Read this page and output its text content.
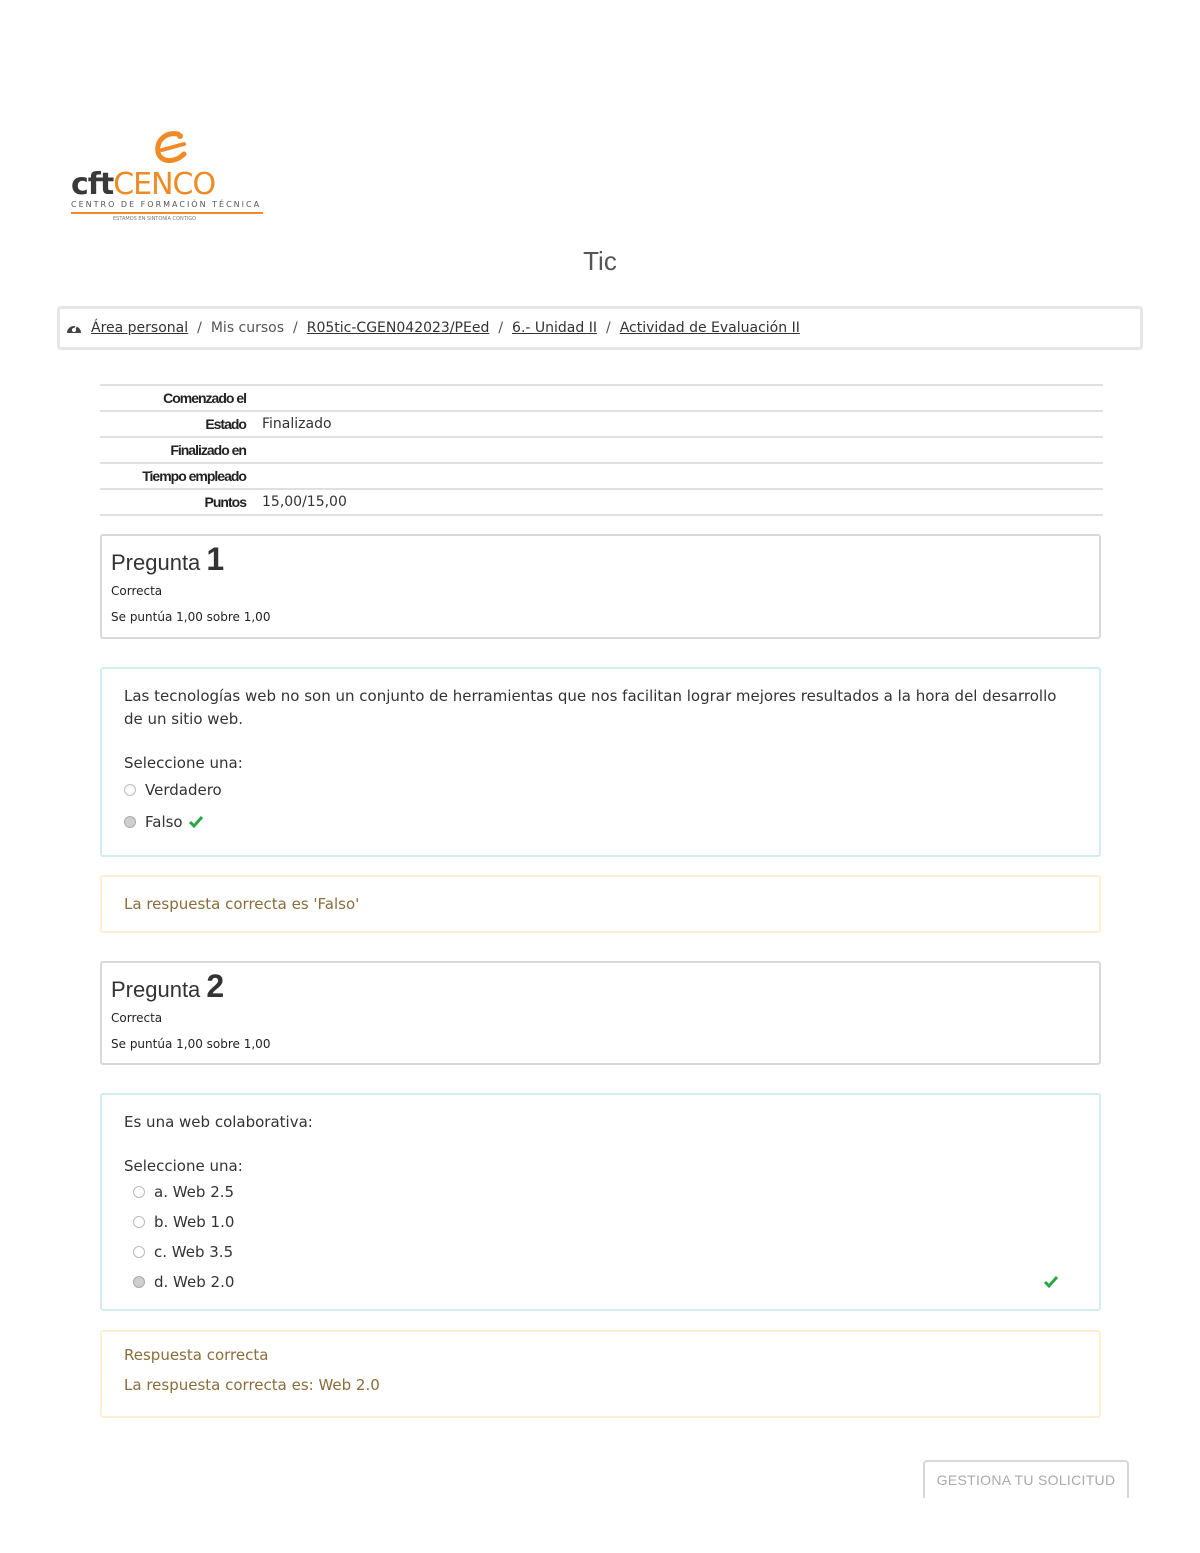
cftCENCO
CENTRO DE FORMACIÓN TÉCNICA
ESTAMOS EN SINTONÍA CONTIGO
Tic
Área personal / Mis cursos / R05tic-CGEN042023/PEed / 6.- Unidad II / Actividad de Evaluación II
Comenzado el
Estado	Finalizado
Finalizado en
Tiempo empleado
Puntos	15,00/15,00
Pregunta 1
Correcta
Se puntúa 1,00 sobre 1,00
Las tecnologías web no son un conjunto de herramientas que nos facilitan lograr mejores resultados a la hora del desarrollo de un sitio web.
Seleccione una:
Verdadero
Falso
La respuesta correcta es 'Falso'
Pregunta 2
Correcta
Se puntúa 1,00 sobre 1,00
Es una web colaborativa:
Seleccione una:
a. Web 2.5
b. Web 1.0
c. Web 3.5
d. Web 2.0
Respuesta correcta
La respuesta correcta es: Web 2.0
GESTIONA TU SOLICITUD
